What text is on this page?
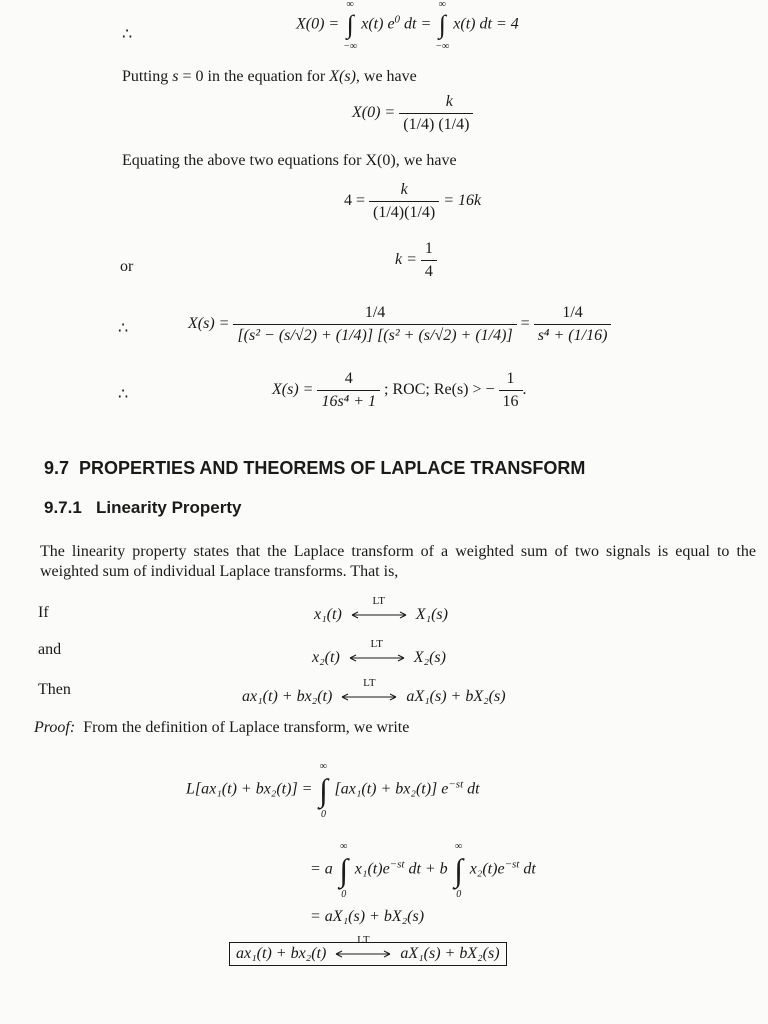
∴
X(0) =
∞
∫
−∞
x(t) $e^0$ dt =
∞
∫
−∞
x(t) dt = 4
Putting s = 0 in the equation for X(s), we have
$X(0) = \frac{k}{(1/4) (1/4)}$
Equating the above two equations for X(0), we have
$4 = \frac{k}{(1/4)(1/4)} = 16k$
or	$k = \frac{1}{4}$
∴	$X(s) = \frac{1/4}{\text{[(s² − (s/√2) + (1/4)] [(s² + (s/√2) + (1/4)]}} = \frac{1/4}{\text{s⁴ + (1/16)}}$
∴	$X(s) = \frac{4}{\text{16s⁴ + 1}}$ ; ROC; Re(s) > − $\frac{1}{16}$ .
9.7 PROPERTIES AND THEOREMS OF LAPLACE TRANSFORM
9.7.1 Linearity Property
The linearity property states that the Laplace transform of a weighted sum of two signals is equal to the weighted sum of individual Laplace transforms. That is,
If	x₁(t)
LT
X₁(s)
and	x₂(t)
LT
X₂(s)
Then	ax₁(t) + bx₂(t)
LT
aX₁(s) + bX₂(s)
Proof: From the definition of Laplace transform, we write
L[ax₁(t) + bx₂(t)] =
∞
∫
0
[ax₁(t) + bx₂(t)] $e^{-st}$ dt
= a
∞
∫
0
$x_1(t)e^{-st}$ dt + b
∞
∫
0
$x_2(t)e^{-st}$ dt
= aX₁(s) + bX₂(s)
ax₁(t) + bx₂(t)
LT
aX₁(s) + bX₂(s)
